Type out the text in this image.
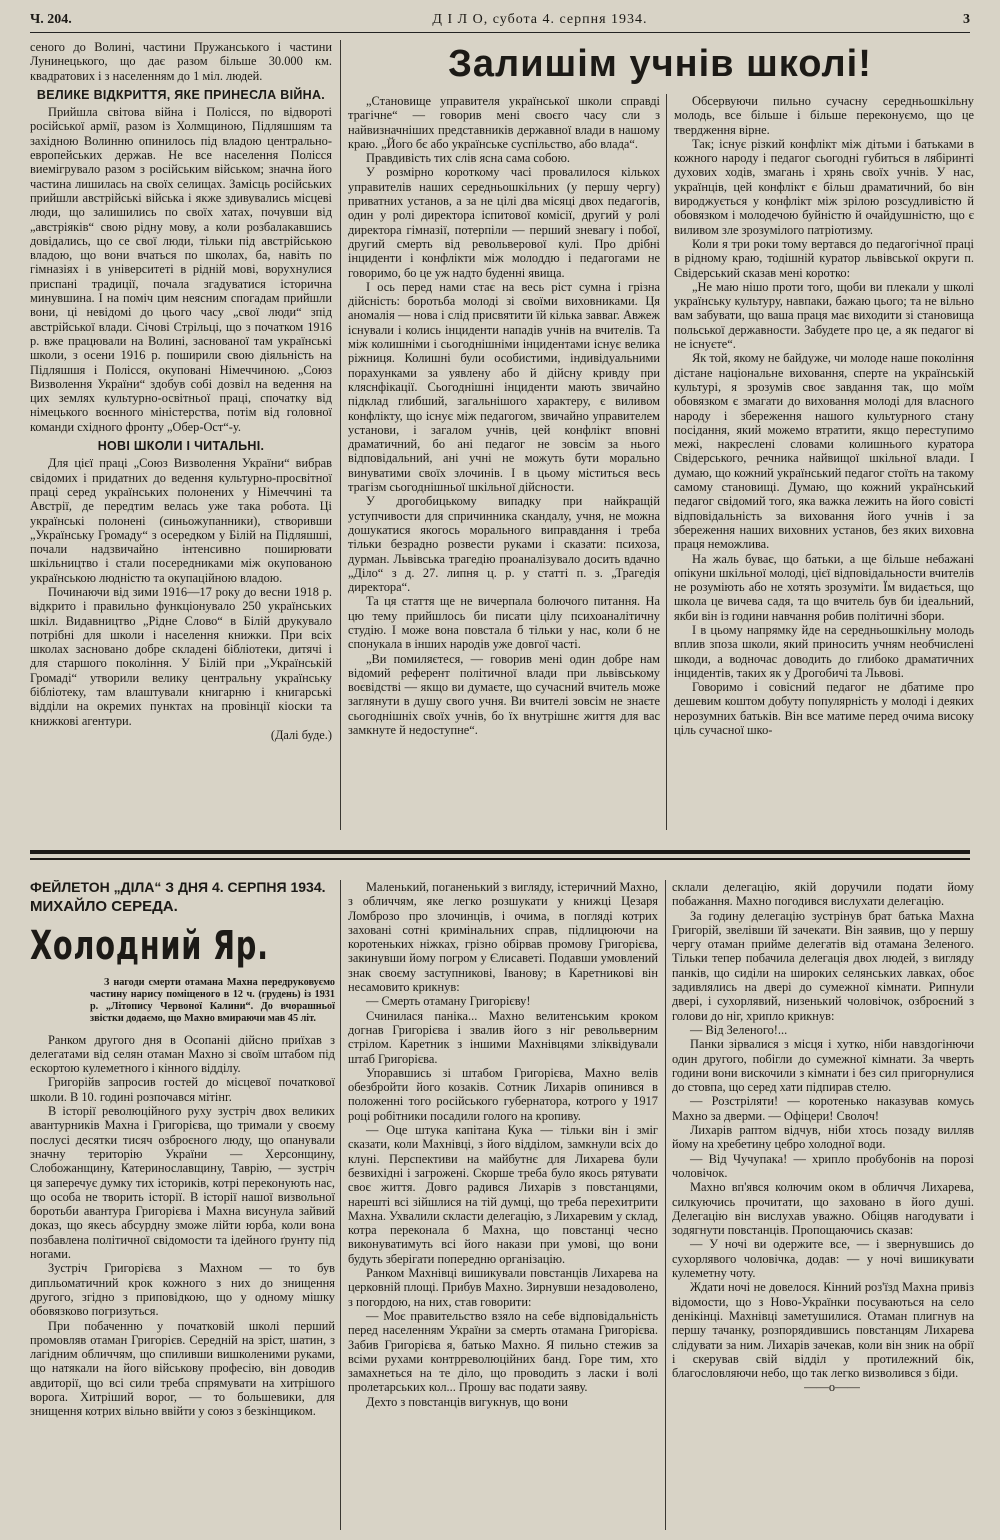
Ч. 204.	Д І Л О, субота 4. серпня 1934.	3

сеного до Волині, частини Пружанського і частини Лунинецького, що дає разом більше 30.000 км. квадратових і з населенням до 1 міл. людей.

ВЕЛИКЕ ВІДКРИТТЯ, ЯКЕ ПРИНЕСЛА ВІЙНА.

Прийшла світова війна і Полісся, по відвороті російської армії, разом із Холмщиною, Підляшшям та західною Волинню опинилось під владою центрально-европейських держав. Не все населення Полісся виемігрувало разом з російським військом; значна його частина лишилась на своїх селищах. Замісць російських прийшли австрійські війська і якже здивувались місцеві люди, що залишились по своїх хатах, почувши від „австріяків“ свою рідну мову, а коли розбалакавшись довідались, що се свої люди, тільки під австрійською владою, що вони вчаться по школах, ба, навіть по гімназіях і в університеті в рідній мові, ворухнулися приспані традиції, почала згадуватися історична минувшина. І на поміч цим неясним спогадам прийшли вони, ці невідомі до цього часу „свої люди“ зпід австрійської влади. Січові Стрільці, що з початком 1916 р. вже працювали на Волині, заснованої там українські школи, з осени 1916 р. поширили свою діяльність на Підляшшя і Полісся, окуповані Німеччиною. „Союз Визволення України“ здобув собі дозвіл на ведення на цих землях культурно-освітньої праці, спочатку від німецького воєнного міністерства, потім від головної команди східного фронту „Обер-Ост“-у.

НОВІ ШКОЛИ І ЧИТАЛЬНІ.

Для цієї праці „Союз Визволення України“ вибрав свідомих і придатних до ведення культурно-просвітної праці серед українських полонених у Німеччині та Австрії, де передтим велась уже така робота. Ці українські полонені (синьожупанники), створивши „Українську Громаду“ з осередком у Білій на Підляшші, почали надзвичайно інтенсивно поширювати шкільництво і стали посередниками між окупованою українською людністю та окупаційною владою.

Починаючи від зими 1916—17 року до весни 1918 р. відкрито і правильно функціонувало 250 українських шкіл. Видавництво „Рідне Слово“ в Білій друкувало потрібні для школи і населення книжки. При всіх школах засновано добре складені бібліотеки, дитячі і для старшого покоління. У Білій при „Українській Громаді“ утворили велику центральну українську бібліотеку, там влаштували книгарню і книгарські відділи на окремих пунктах на провінції кіоски та книжкові агентури.

(Далі буде.)

Залишім учнів школі!

„Становище управителя української школи справді трагічне“ — говорив мені своєго часу сли з найвизначніших представників державної влади в нашому краю. „Його бє або українське суспільство, або влада“.

Правдивість тих слів ясна сама собою.

У розмірно короткому часі провалилося кількох управителів наших середньошкільних (у першу чергу) приватних установ, а за не цілі два місяці двох педагогів, один у ролі директора іспитової комісії, другий у ролі директора гімназії, потерпіли — перший зневагу і побої, другий смерть від револьверової кулі. Про дрібні інциденти і конфлікти між молоддю і педагогами не говоримо, бо це уж надто буденні явища.

І ось перед нами стає на весь ріст сумна і грізна дійсність: боротьба молоді зі своїми виховниками. Ця аномалія — нова і слід присвятити їй кілька завваг. Авжеж існували і колись інциденти нападів учнів на вчителів. Та між колишніми і сьогоднішніми інцидентами існує велика ріжниця. Колишні були особистими, індивідуальними порахунками за уявлену або й дійсну кривду при кляснфікації. Сьогоднішні інциденти мають звичайно підклад глибший, загальнішого характеру, є виливом конфлікту, що існує між педагогом, звичайно управителем установи, і загалом учнів, цей конфлікт вповні драматичний, бо ані педагог не зовсім за нього відповідальний, ані учні не можуть бути морально винуватими своїх злочинів. І в цьому міститься весь трагізм сьогоднішньої шкільної дійсности.

У дрогобицькому випадку при найкращій уступчивости для спричинника скандалу, учня, не можна дошукатися якогось морального виправдання і треба тільки безрадно розвести руками і сказати: психоза, дурман. Львівська трагедію проаналізувало досить вдачно „Діло“ з д. 27. липня ц. р. у статті п. з. „Трагедія директора“.

Та ця стаття ще не вичерпала болючого питання. На цю тему прийшлось би писати цілу психоаналітичну студію. І може вона повстала б тільки у нас, коли б не спонукала в інших народів уже довгої часті.

„Ви помиляєтеся, — говорив мені один добре нам відомий референт політичної влади при львівському воєвідстві — якщо ви думаєте, що сучасний вчитель може заглянути в душу свого учня. Ви вчителі зовсім не знаєте сьогоднішніх своїх учнів, бо їх внутрішнє життя для вас замкнуте й недоступне“.

Обсервуючи пильно сучасну середньошкільну молодь, все більше і більше переконуємо, що це твердження вірне.

Так; існує різкий конфлікт між дітьми і батьками в кожного народу і педагог сьогодні губиться в лябіринті духових ходів, змагань і хрянь своїх учнів. У нас, українців, цей конфлікт є більш драматичний, бо він вироджується у конфлікт між зрілою розсудливістю й обовязком і молодечою буйністю й очайдушністю, що є виливом зле зрозумілого патріотизму.

Коли я три роки тому вертався до педагогічної праці в рідному краю, тодішній куратор львівської округи п. Свідерський сказав мені коротко:

„Не маю нішо проти того, щоби ви плекали у школі українську культуру, навпаки, бажаю цього; та не вільно вам забувати, що ваша праця має виходити зі становища польської державности. Забудете про це, а як педагог ві не існуєте“.

Як той, якому не байдуже, чи молоде наше покоління дістане національне виховання, сперте на українській культурі, я зрозумів своє завдання так, що моїм обовязком є змагати до виховання молоді для власного народу і збереження нашого культурного стану посідання, який можемо втратити, якщо переступимо межі, накреслені словами колишнього куратора Свідерського, речника найвищої шкільної влади. І думаю, що кожний український педагог стоїть на такому самому становищі. Думаю, що кожний український педагог свідомий того, яка важка лежить на його совісті відповідальність за виховання його учнів і за збереження наших виховних установ, без яких виховна праця неможлива.

На жаль буває, що батьки, а ще більше небажані опікуни шкільної молоді, цієї відповідальности вчителів не розуміють або не хотять зрозуміти. Їм видається, що школа це вичева садя, та що вчитель був би ідеальний, якби він із години навчання робив політичні збори.

І в цьому напрямку йде на середньошкільну молодь вплив зпоза школи, який приносить учням необчислені шкоди, а водночас доводить до глибоко драматичних інцидентів, таких як у Дрогобичі та Львові.

Говоримо і совісний педагог не дбатиме про дешевим коштом добуту популярність у молоді і деяких нерозумних батьків. Він все матиме перед очима високу ціль сучасної шко-

ФЕЙЛЕТОН „ДІЛА“ З ДНЯ 4. СЕРПНЯ 1934.
МИХАЙЛО СЕРЕДА.
Холодний Яр.
З нагоди смерти отамана Махна передруковуємо частину нарису поміщеного в 12 ч. (грудень) із 1931 р. „Літопису Червоної Калини“. До вчорашньої звістки додаємо, що Махно вмираючи мав 45 літ.

Ранком другого дня в Осопаніі дійсно приїхав з делегатами від селян отаман Махно зі своїм штабом під ескортою кулеметного і кінного відділу.

Григорійв запросив гостей до місцевої початкової школи. В 10. годині розпочався мітінг.

В історії революційного руху зустріч двох великих авантурників Махна і Григорієва, що тримали у своєму послусі десятки тисяч озброєного люду, що опанували значну територію України — Херсонщину, Слобожанщину, Катеринославщину, Таврію, — зустріч ця заперечує думку тих істориків, котрі переконують нас, що особа не творить історії. В історії нашої визвольної боротьби авантура Григорієва і Махна висунула зайвий доказ, що якесь абсурдну зможе лійти юрба, коли вона позбавлена політичної свідомости та ідейного ґрунту під ногами.

Зустріч Григорієва з Махном — то був дипльоматичний крок кожного з них до знищення другого, згідно з приповідкою, що у одному мішку обовязково погризуться.

При побаченню у початковій школі перший промовляв отаман Григорієв. Середній на зріст, шатин, з лагідним обличчям, що спиливши вишколеними руками, що натякали на його військову професію, він доводив авдиторії, що всі сили треба спрямувати на хитрішого ворога. Хитріший ворог, — то большевики, для знищення котрих вільно ввійти у союз з безкінщиком.

Маленький, поганенький з вигляду, істеричний Махно, з обличчям, яке легко розшукати у книжці Цезаря Ломброзо про злочинців, і очима, в погляді котрих заховані сотні кримінальних справ, підлицюючи на коротеньких ніжках, грізно обірвав промову Григорієва, закинувши йому погром у Єлисаветі. Подавши умовлений знак своєму заступникові, Іванову; в Каретникові він несамовито крикнув:

— Смерть отаману Григорієву!

Счинилася паніка... Махно велитенським кроком догнав Григорієва і звалив його з ніг револьверним стрілом. Каретник з іншими Махнівцями зліквідували штаб Григорієва.

Упоравшись зі штабом Григорієва, Махно велів обезбройти його козаків. Сотник Лихарів опинився в положенні того російського губернатора, котрого у 1917 році робітники посадили голого на кропиву.

— Оце штука капітана Кука — тільки він і зміг сказати, коли Махнівці, з його відділом, замкнули всіх до клуні. Перспективи на майбутнє для Лихарева були безвихідні і загрожені. Скорше треба було якось рятувати своє життя. Довго радився Лихарів з повстанцями, нарешті всі зійшлися на тій думці, що треба перехитрити Махна. Ухвалили скласти делегацію, з Лихаревим у склад, котра переконала б Махна, що повстанці чесно виконуватимуть всі його накази при умові, що вони будуть зберігати попередню організацію.

Ранком Махнівці вишикували повстанців Лихарева на церковній площі. Прибув Махно. Зирнувши незадоволено, з погордою, на них, став говорити:

— Моє правительство взяло на себе відповідальність перед населенням України за смерть отамана Григорієва. Забив Григорієва я, батько Махно. Я пильно стежив за всіми рухами контрреволюційних банд. Горе тим, хто замахнеться на те діло, що проводить з ласки і волі пролетарських кол... Прошу вас подати заяву.

Дехто з повстанців вигукнув, що вони

склали делегацію, якій доручили подати йому побажання. Махно погодився вислухати делегацію.

За годину делегацію зустрінув брат батька Махна Григорій, звелівши їй зачекати. Він заявив, що у першу чергу отаман прийме делегатів від отамана Зеленого. Тільки тепер побачила делегація двох людей, з вигляду панків, що сиділи на широких селянських лавках, обоє задивлялись на двері до сумежної кімнати. Рипнули двері, і сухорлявий, низенький чоловічок, озброєний з голови до ніг, хрипло крикнув:

— Від Зеленого!...

Панки зірвалися з місця і хутко, ніби навздогінючи один другого, побігли до сумежної кімнати. За чверть години вони вискочили з кімнати і без сил пригорнулися до стовпа, що серед хати підпирав стелю.

— Розстріляти! — коротенько наказував комусь Махно за дверми. — Офіцери! Сволоч!

Лихарів раптом відчув, ніби хтось позаду вилляв йому на хребетину цебро холодної води.

— Від Чучупака! — хрипло пробубонів на порозі чоловічок.

Махно вп'явся колючим оком в обличчя Лихарева, силкуючись прочитати, що заховано в його душі. Делегацію він вислухав уважно. Обіцяв нагодувати і зодягнути повстанців. Пропощаючись сказав:

— У ночі ви одержите все, — і звернувшись до сухорлявого чоловічка, додав: — у ночі вишикувати кулеметну чоту.

Ждати ночі не довелося. Кінний роз'їзд Махна привіз відомости, що з Ново-Українки посуваються на село денікінці. Махнівці заметушилися. Отаман плигнув на першу тачанку, розпорядившись повстанцям Лихарева слідувати за ним. Лихарів зачекав, коли він зник на обрії і скерував свій відділ у протилежний бік, благословляючи небо, що так легко визволився з біди.

——о——
